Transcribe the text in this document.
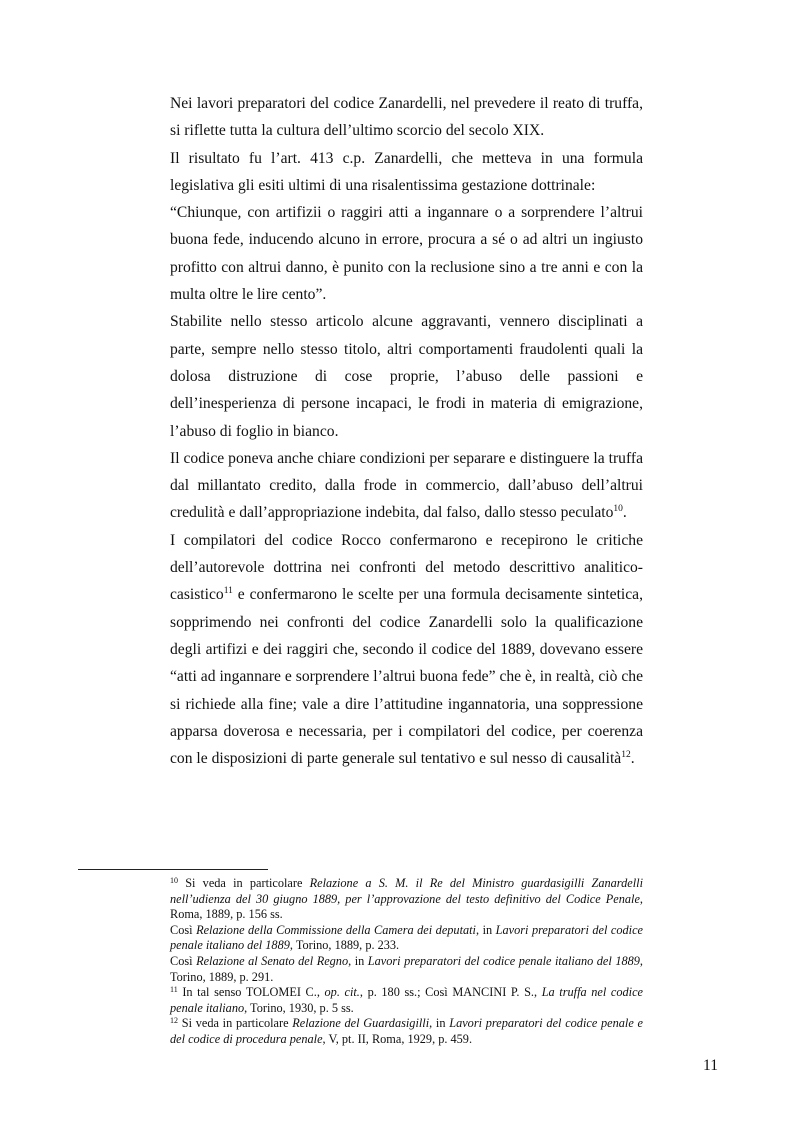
Nei lavori preparatori del codice Zanardelli, nel prevedere il reato di truffa, si riflette tutta la cultura dell’ultimo scorcio del secolo XIX.

Il risultato fu l’art. 413 c.p. Zanardelli, che metteva in una formula legislativa gli esiti ultimi di una risalentissima gestazione dottrinale:

“Chiunque, con artifizii o raggiri atti a ingannare o a sorprendere l’altrui buona fede, inducendo alcuno in errore, procura a sé o ad altri un ingiusto profitto con altrui danno, è punito con la reclusione sino a tre anni e con la multa oltre le lire cento”.

Stabilite nello stesso articolo alcune aggravanti, vennero disciplinati a parte, sempre nello stesso titolo, altri comportamenti fraudolenti quali la dolosa distruzione di cose proprie, l’abuso delle passioni e dell’inesperienza di persone incapaci, le frodi in materia di emigrazione, l’abuso di foglio in bianco.

Il codice poneva anche chiare condizioni per separare e distinguere la truffa dal millantato credito, dalla frode in commercio, dall’abuso dell’altrui credulità e dall’appropriazione indebita, dal falso, dallo stesso peculato$^{10}$.

I compilatori del codice Rocco confermarono e recepirono le critiche dell’autorevole dottrina nei confronti del metodo descrittivo analitico-casistico$^{11}$ e confermarono le scelte per una formula decisamente sintetica, sopprimendo nei confronti del codice Zanardelli solo la qualificazione degli artifizi e dei raggiri che, secondo il codice del 1889, dovevano essere “atti ad ingannare e sorprendere l’altrui buona fede” che è, in realtà, ciò che si richiede alla fine; vale a dire l’attitudine ingannatoria, una soppressione apparsa doverosa e necessaria, per i compilatori del codice, per coerenza con le disposizioni di parte generale sul tentativo e sul nesso di causalità$^{12}$.

$^{10}$ Si veda in particolare Relazione a S. M. il Re del Ministro guardasigilli Zanardelli nell’udienza del 30 giugno 1889, per l’approvazione del testo definitivo del Codice Penale, Roma, 1889, p. 156 ss.

Così Relazione della Commissione della Camera dei deputati, in Lavori preparatori del codice penale italiano del 1889, Torino, 1889, p. 233.

Così Relazione al Senato del Regno, in Lavori preparatori del codice penale italiano del 1889, Torino, 1889, p. 291.

$^{11}$ In tal senso TOLOMEI C., op. cit., p. 180 ss.; Così MANCINI P. S., La truffa nel codice penale italiano, Torino, 1930, p. 5 ss.

$^{12}$ Si veda in particolare Relazione del Guardasigilli, in Lavori preparatori del codice penale e del codice di procedura penale, V, pt. II, Roma, 1929, p. 459.

11
